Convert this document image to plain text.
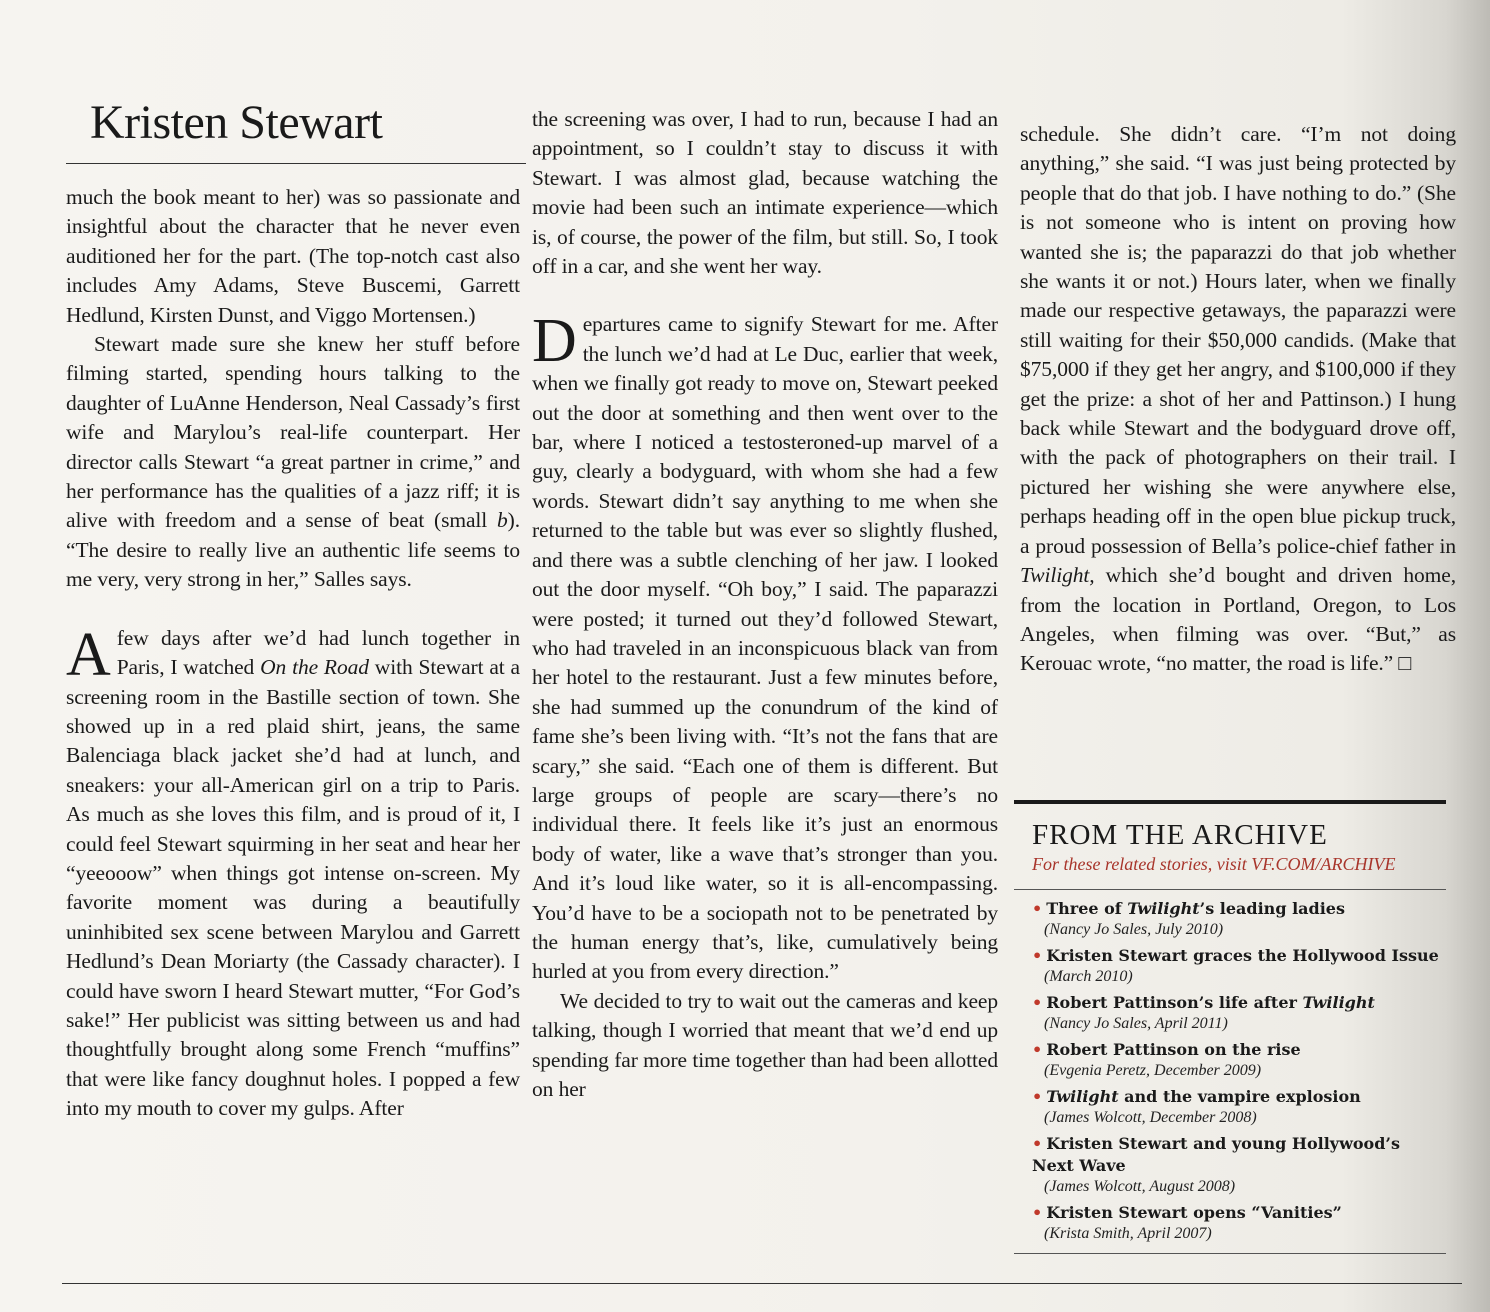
Kristen Stewart

much the book meant to her) was so passionate and insightful about the character that he never even auditioned her for the part. (The top-notch cast also includes Amy Adams, Steve Buscemi, Garrett Hedlund, Kirsten Dunst, and Viggo Mortensen.)

Stewart made sure she knew her stuff before filming started, spending hours talking to the daughter of LuAnne Henderson, Neal Cassady’s first wife and Marylou’s real-life counterpart. Her director calls Stewart “a great partner in crime,” and her performance has the qualities of a jazz riff; it is alive with freedom and a sense of beat (small b). “The desire to really live an authentic life seems to me very, very strong in her,” Salles says.

Afew days after we’d had lunch together in Paris, I watched On the Road with Stewart at a screening room in the Bastille section of town. She showed up in a red plaid shirt, jeans, the same Balenciaga black jacket she’d had at lunch, and sneakers: your all-American girl on a trip to Paris. As much as she loves this film, and is proud of it, I could feel Stewart squirming in her seat and hear her “yeeooow” when things got intense on-screen. My favorite moment was during a beautifully uninhibited sex scene between Marylou and Garrett Hedlund’s Dean Moriarty (the Cassady character). I could have sworn I heard Stewart mutter, “For God’s sake!” Her publicist was sitting between us and had thoughtfully brought along some French “muffins” that were like fancy doughnut holes. I popped a few into my mouth to cover my gulps. After

the screening was over, I had to run, because I had an appointment, so I couldn’t stay to discuss it with Stewart. I was almost glad, because watching the movie had been such an intimate experience—which is, of course, the power of the film, but still. So, I took off in a car, and she went her way.

Departures came to signify Stewart for me. After the lunch we’d had at Le Duc, earlier that week, when we finally got ready to move on, Stewart peeked out the door at something and then went over to the bar, where I noticed a testosteroned-up marvel of a guy, clearly a bodyguard, with whom she had a few words. Stewart didn’t say anything to me when she returned to the table but was ever so slightly flushed, and there was a subtle clenching of her jaw. I looked out the door myself. “Oh boy,” I said. The paparazzi were posted; it turned out they’d followed Stewart, who had traveled in an inconspicuous black van from her hotel to the restaurant. Just a few minutes before, she had summed up the conundrum of the kind of fame she’s been living with. “It’s not the fans that are scary,” she said. “Each one of them is different. But large groups of people are scary—there’s no individual there. It feels like it’s just an enormous body of water, like a wave that’s stronger than you. And it’s loud like water, so it is all-encompassing. You’d have to be a sociopath not to be penetrated by the human energy that’s, like, cumulatively being hurled at you from every direction.”

We decided to try to wait out the cameras and keep talking, though I worried that meant that we’d end up spending far more time together than had been allotted on her

schedule. She didn’t care. “I’m not doing anything,” she said. “I was just being protected by people that do that job. I have nothing to do.” (She is not someone who is intent on proving how wanted she is; the paparazzi do that job whether she wants it or not.) Hours later, when we finally made our respective getaways, the paparazzi were still waiting for their $50,000 candids. (Make that $75,000 if they get her angry, and $100,000 if they get the prize: a shot of her and Pattinson.) I hung back while Stewart and the bodyguard drove off, with the pack of photographers on their trail. I pictured her wishing she were anywhere else, perhaps heading off in the open blue pickup truck, a proud possession of Bella’s police-chief father in Twilight, which she’d bought and driven home, from the location in Portland, Oregon, to Los Angeles, when filming was over. “But,” as Kerouac wrote, “no matter, the road is life.” □

FROM THE ARCHIVE
For these related stories, visit VF.COM/ARCHIVE
• Three of Twilight’s leading ladies
(Nancy Jo Sales, July 2010)
• Kristen Stewart graces the Hollywood Issue
(March 2010)
• Robert Pattinson’s life after Twilight
(Nancy Jo Sales, April 2011)
• Robert Pattinson on the rise
(Evgenia Peretz, December 2009)
• Twilight and the vampire explosion
(James Wolcott, December 2008)
• Kristen Stewart and young Hollywood’s Next Wave
(James Wolcott, August 2008)
• Kristen Stewart opens “Vanities”
(Krista Smith, April 2007)
